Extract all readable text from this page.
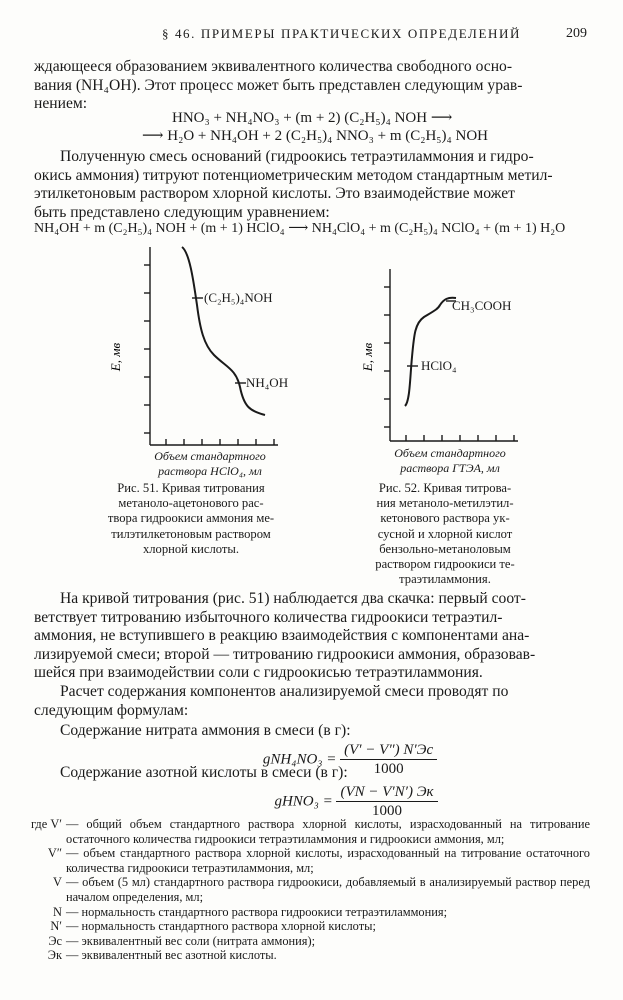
§ 46. ПРИМЕРЫ ПРАКТИЧЕСКИХ ОПРЕДЕЛЕНИЙ	209
ждающееся образованием эквивалентного количества свободного осно-
вания (NH₄OH). Этот процесс может быть представлен следующим урав-
нением:
HNO₃ + NH₄NO₃ + (m + 2) (C₂H₅)₄ NOH ⟶
⟶ H₂O + NH₄OH + 2 (C₂H₅)₄ NNO₃ + m (C₂H₅)₄ NOH
Полученную смесь оснований (гидроокись тетраэтиламмония и гидро-
окись аммония) титруют потенциометрическим методом стандартным метил-
этилкетоновым раствором хлорной кислоты. Это взаимодействие может
быть представлено следующим уравнением:
NH₄OH + m (C₂H₅)₄ NOH + (m + 1) HClO₄ ⟶ NH₄ClO₄ + m (C₂H₅)₄ NClO₄ + (m + 1) H₂O
E, мв
(C₂H₅)₄NOH
NH₄OH
Объем стандартного
раствора HClO₄, мл
Рис. 51. Кривая титрования
метаноло-ацетонового рас-
твора гидроокиси аммония ме-
тилэтилкетоновым раствором
хлорной кислоты.
E, мв
CH₃COOH
HClO₄
Объем стандартного
раствора ГТЭА, мл
Рис. 52. Кривая титрова-
ния метаноло-метилэтил-
кетонового раствора ук-
сусной и хлорной кислот
бензольно-метаноловым
раствором гидроокиси те-
траэтиламмония.
На кривой титрования (рис. 51) наблюдается два скачка: первый соот-
ветствует титрованию избыточного количества гидроокиси тетраэтил-
аммония, не вступившего в реакцию взаимодействия с компонентами ана-
лизируемой смеси; второй — титрованию гидроокиси аммония, образовав-
шейся при взаимодействии соли с гидроокисью тетраэтиламмония.
Расчет содержания компонентов анализируемой смеси проводят по
следующим формулам:
Содержание нитрата аммония в смеси (в г):
$gNH_4NO_3 = \frac{(V' - V'') N'Эс}{1000}$
Содержание азотной кислоты в смеси (в г):
gHNO₃ = $\frac{(VN - V'N') Эк}{1000}$
где V′ — общий объем стандартного раствора хлорной кислоты, израсходованный на титрование остаточного количества гидроокиси тетраэтиламмония и гидроокиси аммония, мл;
V″ — объем стандартного раствора хлорной кислоты, израсходованный на титрование остаточного количества гидроокиси тетраэтиламмония, мл;
V — объем (5 мл) стандартного раствора гидроокиси, добавляемый в анализируемый раствор перед началом определения, мл;
N — нормальность стандартного раствора гидроокиси тетраэтиламмония;
N′ — нормальность стандартного раствора хлорной кислоты;
Эс — эквивалентный вес соли (нитрата аммония);
Эк — эквивалентный вес азотной кислоты.
